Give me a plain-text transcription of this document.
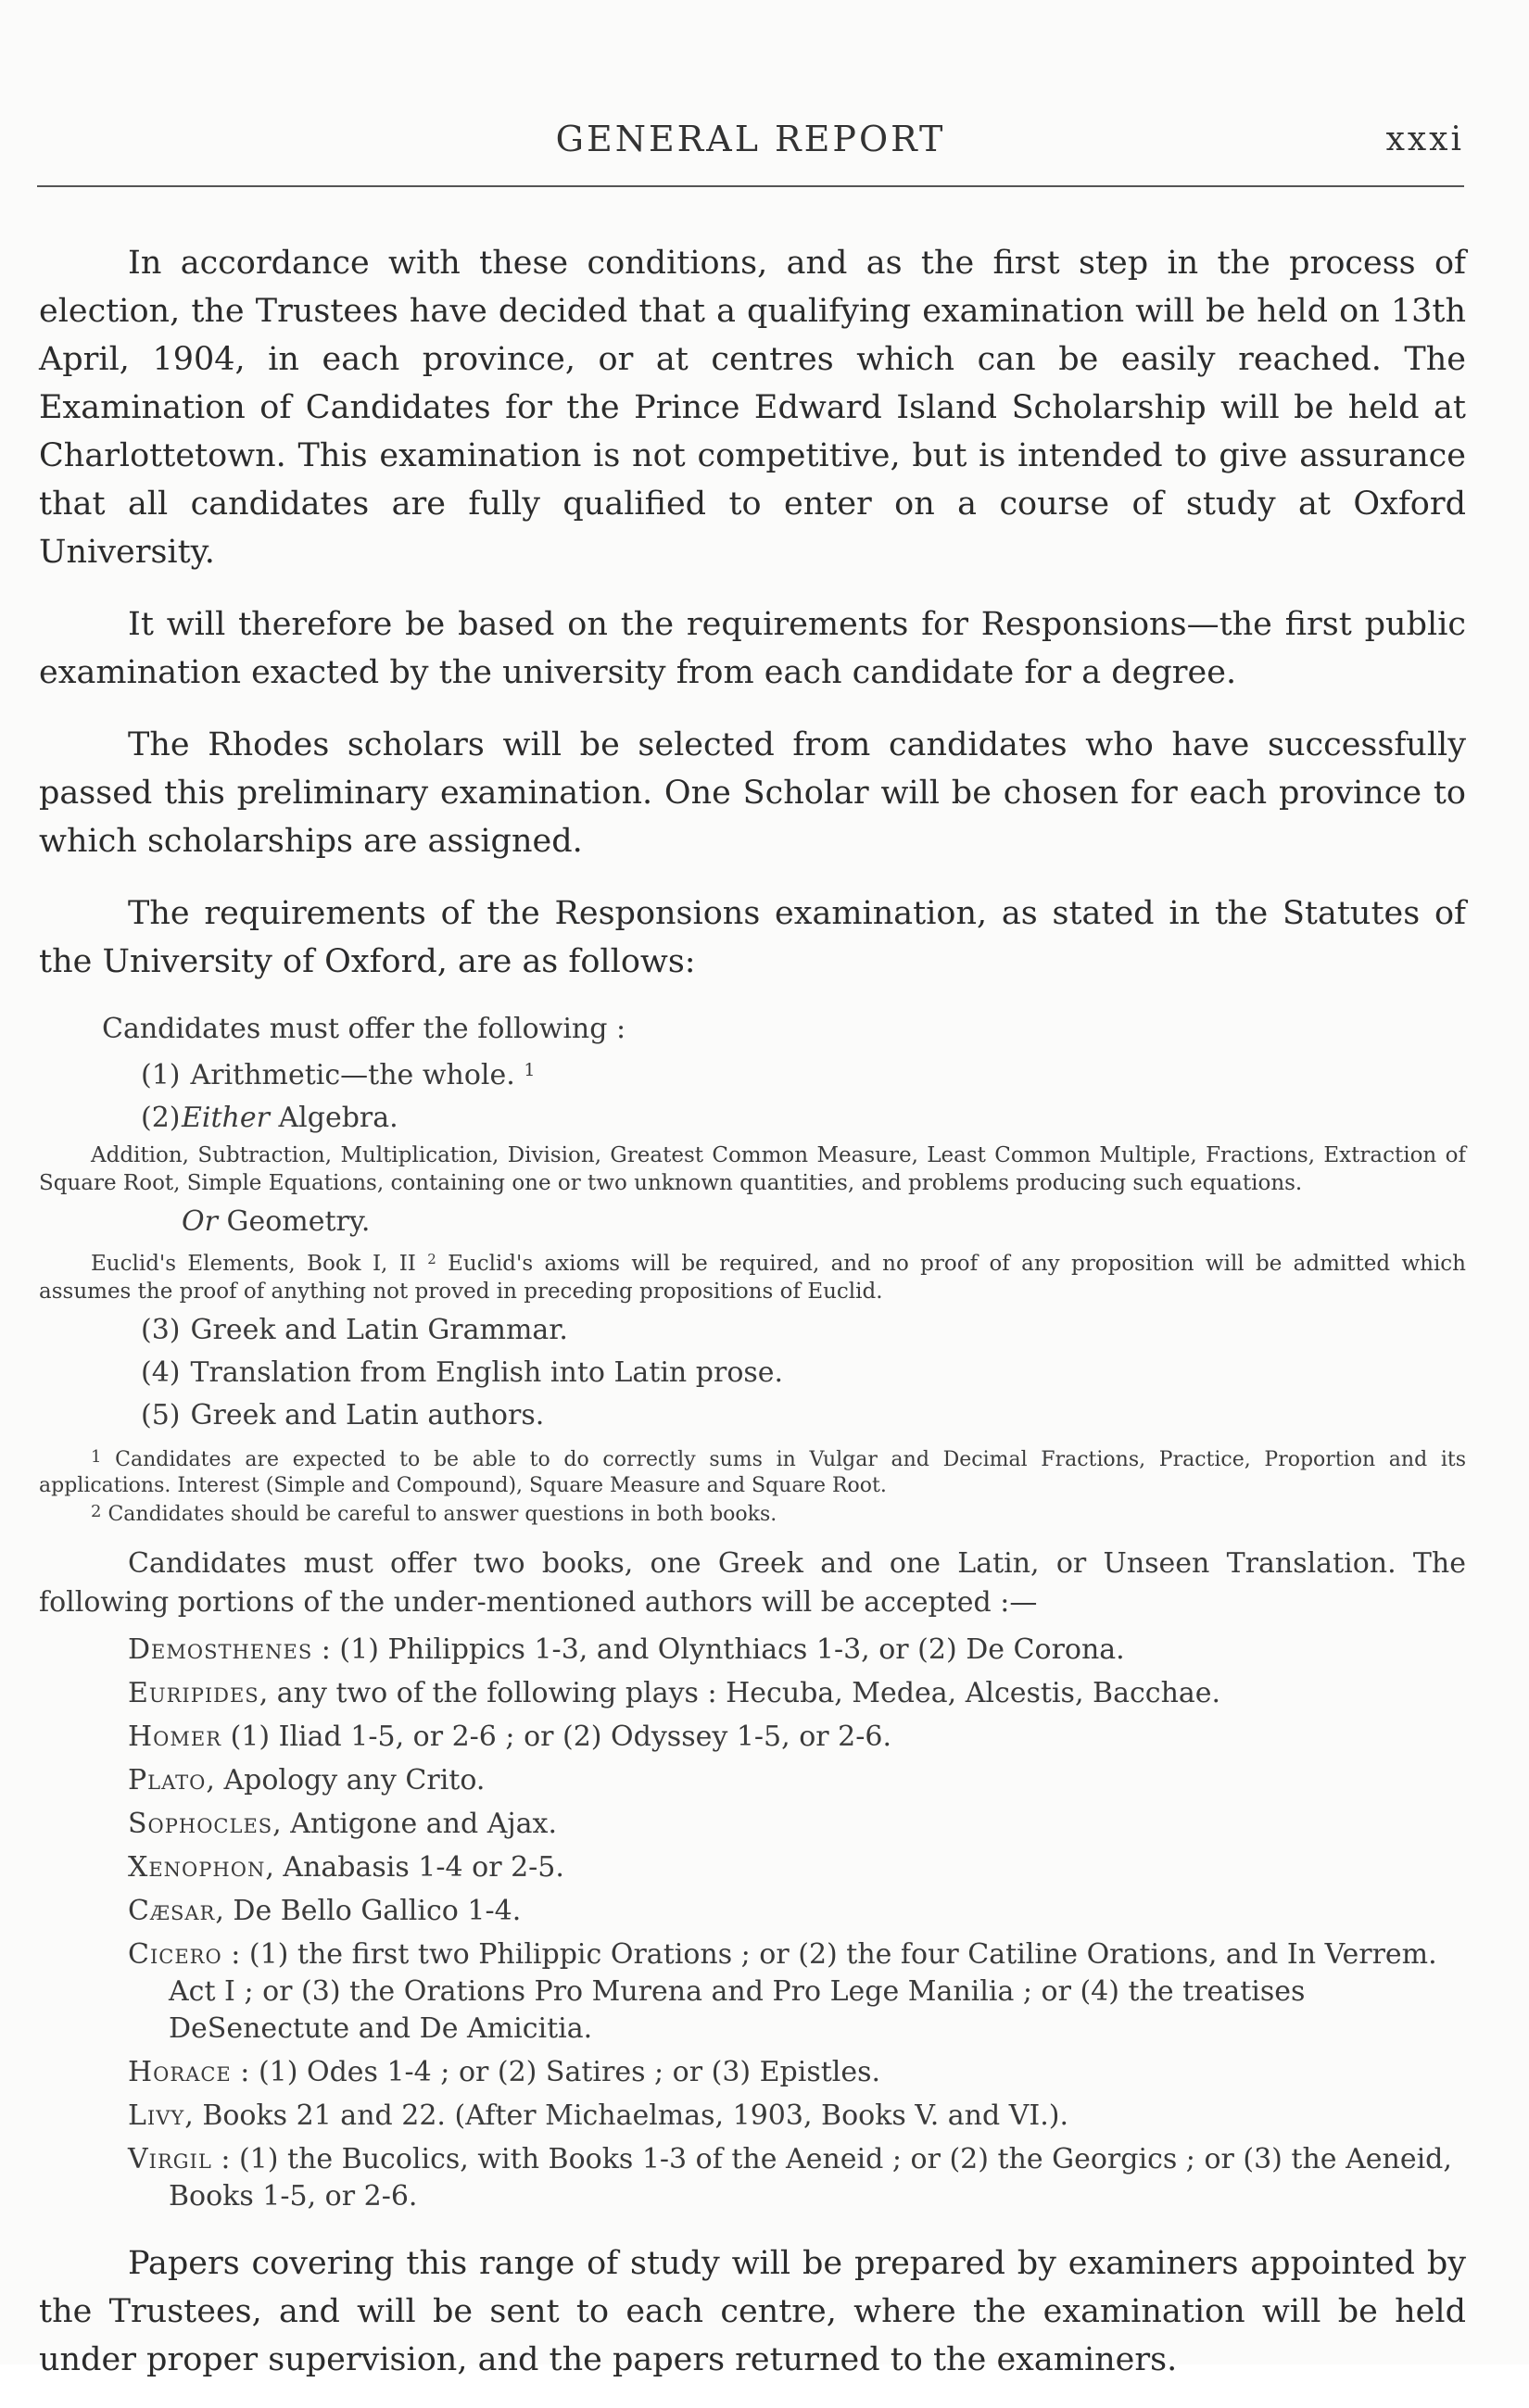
GENERAL REPORT	xxxi

In accordance with these conditions, and as the first step in the process of election, the Trustees have decided that a qualifying examination will be held on 13th April, 1904, in each province, or at centres which can be easily reached. The Examination of Candidates for the Prince Edward Island Scholarship will be held at Charlottetown. This examination is not competitive, but is intended to give assurance that all candidates are fully qualified to enter on a course of study at Oxford University.

It will therefore be based on the requirements for Responsions—the first public examination exacted by the university from each candidate for a degree.

The Rhodes scholars will be selected from candidates who have successfully passed this preliminary examination. One Scholar will be chosen for each province to which scholarships are assigned.

The requirements of the Responsions examination, as stated in the Statutes of the University of Oxford, are as follows:

Candidates must offer the following :
(1) Arithmetic—the whole. $^1$
(2)Either Algebra.

Addition, Subtraction, Multiplication, Division, Greatest Common Measure, Least Common Multiple, Fractions, Extraction of Square Root, Simple Equations, containing one or two unknown quantities, and problems producing such equations.

Or Geometry.

Euclid's Elements, Book I, II $^2$ Euclid's axioms will be required, and no proof of any proposition will be admitted which assumes the proof of anything not proved in preceding propositions of Euclid.

(3) Greek and Latin Grammar.
(4) Translation from English into Latin prose.
(5) Greek and Latin authors.

$^1$ Candidates are expected to be able to do correctly sums in Vulgar and Decimal Fractions, Practice, Proportion and its applications. Interest (Simple and Compound), Square Measure and Square Root.

$^2$ Candidates should be careful to answer questions in both books.

Candidates must offer two books, one Greek and one Latin, or Unseen Translation. The following portions of the under-mentioned authors will be accepted :—

Demosthenes : (1) Philippics 1-3, and Olynthiacs 1-3, or (2) De Corona.
Euripides, any two of the following plays : Hecuba, Medea, Alcestis, Bacchae.
Homer (1) Iliad 1-5, or 2-6 ; or (2) Odyssey 1-5, or 2-6.
Plato, Apology any Crito.
Sophocles, Antigone and Ajax.
Xenophon, Anabasis 1-4 or 2-5.
Cæsar, De Bello Gallico 1-4.
Cicero : (1) the first two Philippic Orations ; or (2) the four Catiline Orations, and In Verrem. Act I ; or (3) the Orations Pro Murena and Pro Lege Manilia ; or (4) the treatises DeSenectute and De Amicitia.
Horace : (1) Odes 1-4 ; or (2) Satires ; or (3) Epistles.
Livy, Books 21 and 22. (After Michaelmas, 1903, Books V. and VI.).
Virgil : (1) the Bucolics, with Books 1-3 of the Aeneid ; or (2) the Georgics ; or (3) the Aeneid, Books 1-5, or 2-6.

Papers covering this range of study will be prepared by examiners appointed by the Trustees, and will be sent to each centre, where the examination will be held under proper supervision, and the papers returned to the examiners.
